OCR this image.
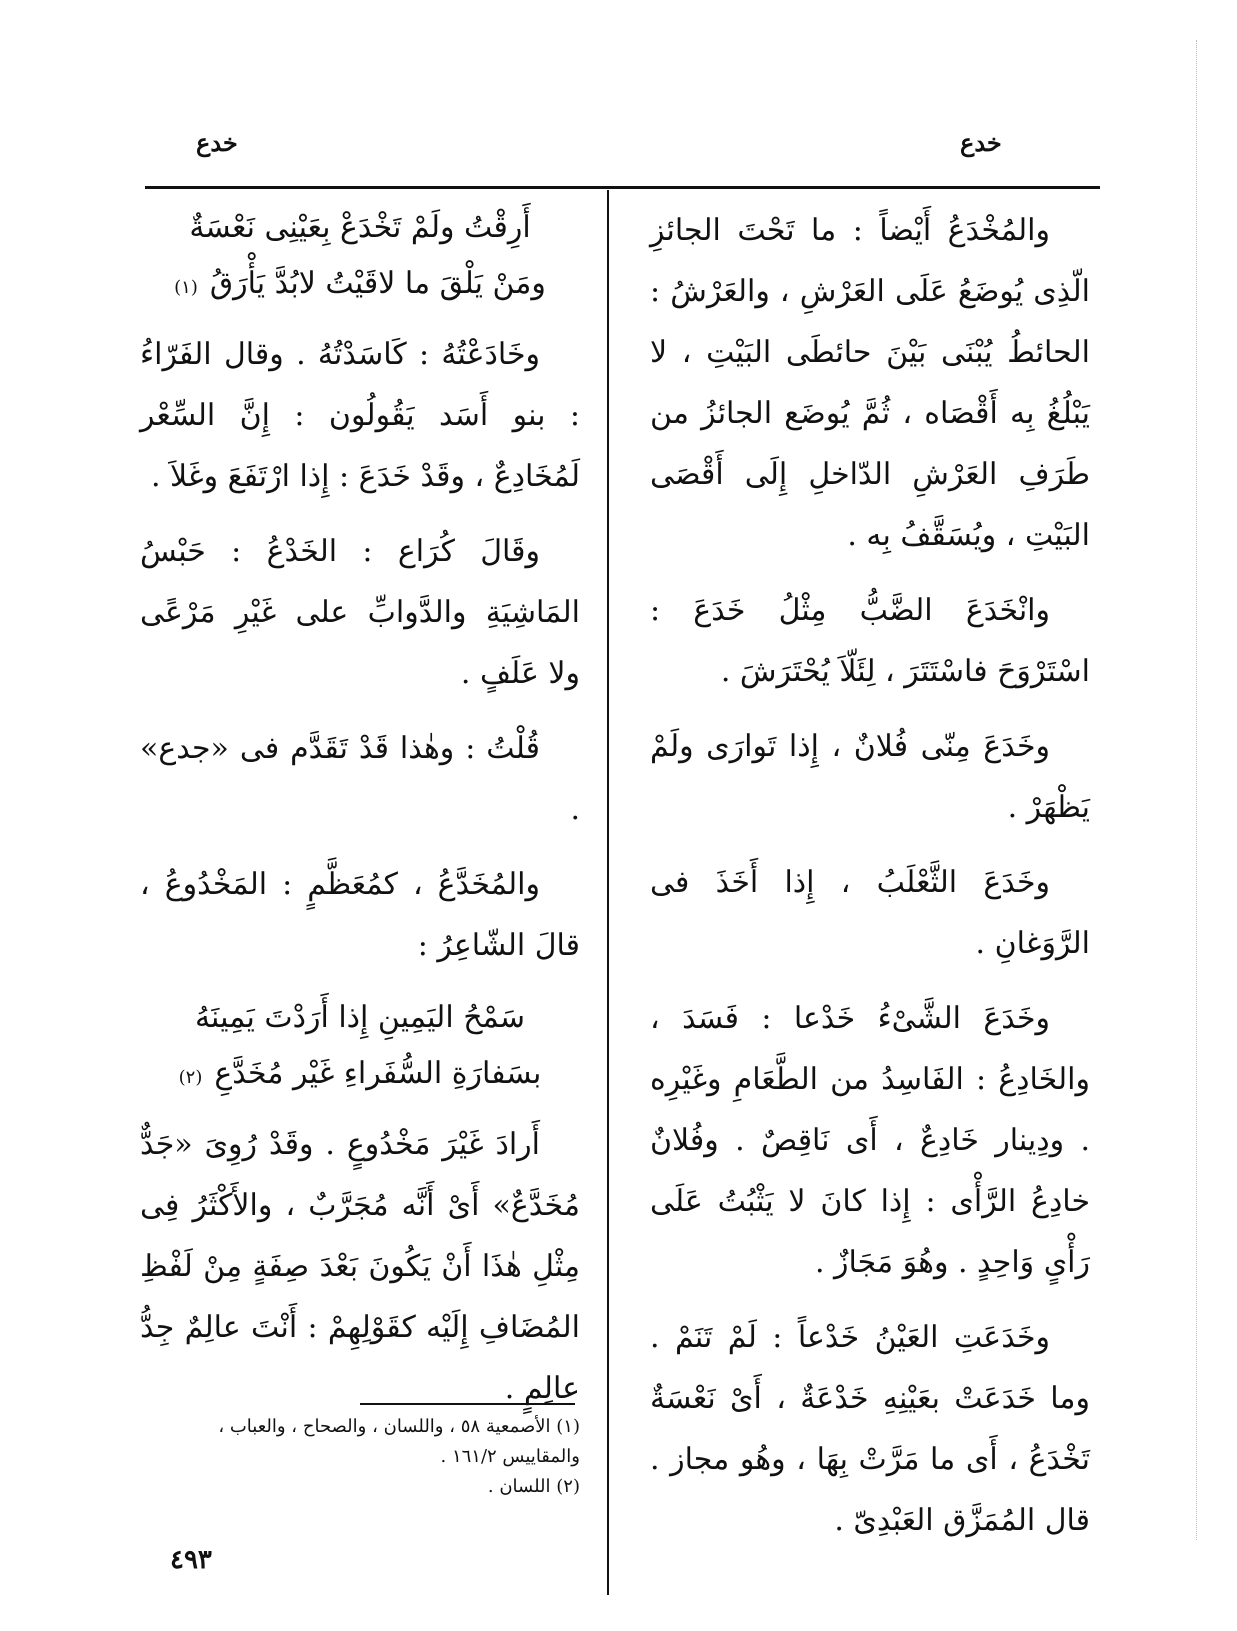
خدع
خدع

والمُخْدَعُ أَيْضاً : ما تَحْتَ الجائزِ الّذِى يُوضَعُ عَلَى العَرْشِ ، والعَرْشُ : الحائطُ يُبْنَى بَيْنَ حائطَى البَيْتِ ، لا يَبْلُغُ بِه أَقْصَاه ، ثُمَّ يُوضَع الجائزُ من طَرَفِ العَرْشِ الدّاخلِ إِلَى أَقْصَى البَيْتِ ، ويُسَقَّفُ بِه .

وانْخَدَعَ الضَّبُّ مِثْلُ خَدَعَ : اسْتَرْوَحَ فاسْتَتَرَ ، لِئَلّاَ يُحْتَرَشَ .

وخَدَعَ مِنّى فُلانٌ ، إِذا تَوارَى ولَمْ يَظْهَرْ .

وخَدَعَ الثَّعْلَبُ ، إِذا أَخَذَ فى الرَّوَغانِ .

وخَدَعَ الشَّىْءُ خَدْعا : فَسَدَ ، والخَادِعُ : الفَاسِدُ من الطَّعَامِ وغَيْرِه . ودِينار خَادِعٌ ، أَى نَاقِصٌ . وفُلانٌ خادِعُ الرَّأْى : إِذا كانَ لا يَثْبُتُ عَلَى رَأْىٍ وَاحِدٍ . وهُوَ مَجَازٌ .

وخَدَعَتِ العَيْنُ خَدْعاً : لَمْ تَنَمْ . وما خَدَعَتْ بعَيْنِهِ خَدْعَةٌ ، أَىْ نَعْسَةٌ تَخْدَعُ ، أَى ما مَرَّتْ بِهَا ، وهُو مجاز . قال المُمَزَّق العَبْدِىّ .

أَرِقْتُ ولَمْ تَخْدَعْ بِعَيْنِى نَعْسَةٌ
ومَنْ يَلْقَ ما لاقَيْتُ لابُدَّ يَأْرَقُ(١)

وخَادَعْتُهُ : كَاسَدْتُهُ . وقال الفَرّاءُ : بنو أَسَد يَقُولُون : إِنَّ السِّعْر لَمُخَادِعٌ ، وقَدْ خَدَعَ : إِذا ارْتَفَعَ وغَلاَ .

وقَالَ كُرَاع : الخَدْعُ : حَبْسُ المَاشِيَةِ والدَّوابِّ على غَيْرِ مَرْعًى ولا عَلَفٍ .

قُلْتُ : وهٰذا قَدْ تَقَدَّم فى «جدع» .

والمُخَدَّعُ ، كمُعَظَّمٍ : المَخْدُوعُ ، قالَ الشّاعِرُ :

سَمْحُ اليَمِينِ إِذا أَرَدْتَ يَمِينَهُ
بسَفارَةِ السُّفَراءِ غَيْر مُخَدَّعِ(٢)

أَرادَ غَيْرَ مَخْدُوعٍ . وقَدْ رُوِىَ «جَدٌّ مُخَدَّعٌ» أَىْ أَنَّه مُجَرَّبٌ ، والأَكْثَرُ فِى مِثْلِ هٰذَا أَنْ يَكُونَ بَعْدَ صِفَةٍ مِنْ لَفْظِ المُضَافِ إِلَيْه كقَوْلِهِمْ : أَنْتَ عالِمٌ جِدُّ عالِمٍ .

(١) الأصمعية ٥٨ ، واللسان ، والصحاح ، والعباب ، والمقاييس ١٦١/٢ .

(٢) اللسان .

٤٩٣
